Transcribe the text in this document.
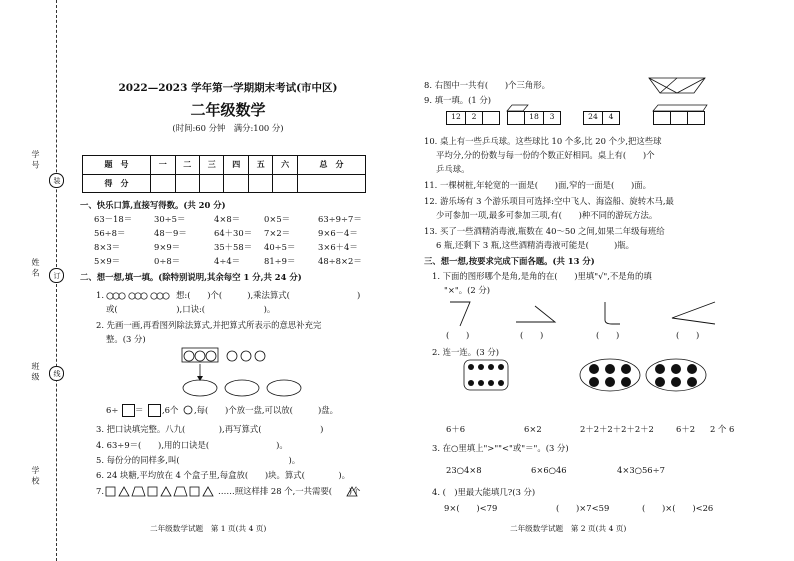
学 号
姓 名
班 级
学 校
装
订
线
2022—2023 学年第一学期期末考试(市中区)
二年级数学
(时间:60 分钟　满分:100 分)
题　号	一	二	三	四	五	六	总　分
得　分							
一、快乐口算,直接写得数。(共 20 分)
63－18＝	30÷5＝	4×8＝	0×5＝	63÷9÷7＝
56÷8＝	48－9＝	64＋30＝ 7×2＝	9×6－4＝
8×3＝	9×9＝	35＋58＝ 40÷5＝	3×6＋4＝
5×9＝	0÷8＝	4÷4＝	81÷9＝	48÷8×2＝
二、想一想,填一填。(除特别说明,其余每空 1 分,共 24 分)
1.	想:(　　)个(　　　),乘法算式(　　　　　　　　)
或(　　　　　　　),口诀:(　　　　　　　)。
2. 先画一画,再看图列除法算式,并把算式所表示的意思补充完
整。(3 分)
6÷ ＝ ,6个 ,每(　　)个放一盘,可以放(　　　)盘。
3. 把口诀填完整。八九(　　　　),再写算式(　　　　　　　)
4. 63÷9＝(　　),用的口诀是(　　　　　　　　)。
5. 每份分的同样多,叫(　　　　　　　　　　　　　)。
6. 24 块糖,平均放在 4 个盒子里,每盒放(　　)块。算式(　　　　)。
7.	……照这样排 28 个,一共需要(　　)个
二年级数学试题　第 1 页(共 4 页)
8. 右图中一共有(　　)个三角形。
9. 填一填。(1 分)
12	2	18	3	24	4
10. 桌上有一些乒乓球。这些球比 10 个多,比 20 个少,把这些球
平均分,分的份数与每一份的个数正好相同。桌上有(　　)个
乒乓球。
11. 一棵树桩,年轮宽的一面是(　　)面,窄的一面是(　　)面。
12. 游乐场有 3 个游乐项目可选择:空中飞人、海盗船、旋转木马,最
少可参加一项,最多可参加三项,有(　　)种不同的游玩方法。
13. 买了一些酒精消毒液,瓶数在 40～50 之间,如果二年级每班给
6 瓶,还剩下 3 瓶,这些酒精消毒液可能是(　　　)瓶。
三、想一想,按要求完成下面各题。(共 13 分)
1. 下面的图形哪个是角,是角的在(　　)里填"√",不是角的填
"×"。(2 分)
(　　)	(　　)	(　　)	(　　)
2. 连一连。(3 分)
6＋6	6×2	2＋2＋2＋2＋2＋2	6＋2 2 个 6
3. 在○里填上">""<"或"＝"。(3 分)
23○4×8	6×6○46	4×3○56÷7
4. (　)里最大能填几?(3 分)
9×(　　)<79	(　　)×7<59	(　　)×(　　)<26
二年级数学试题　第 2 页(共 4 页)
